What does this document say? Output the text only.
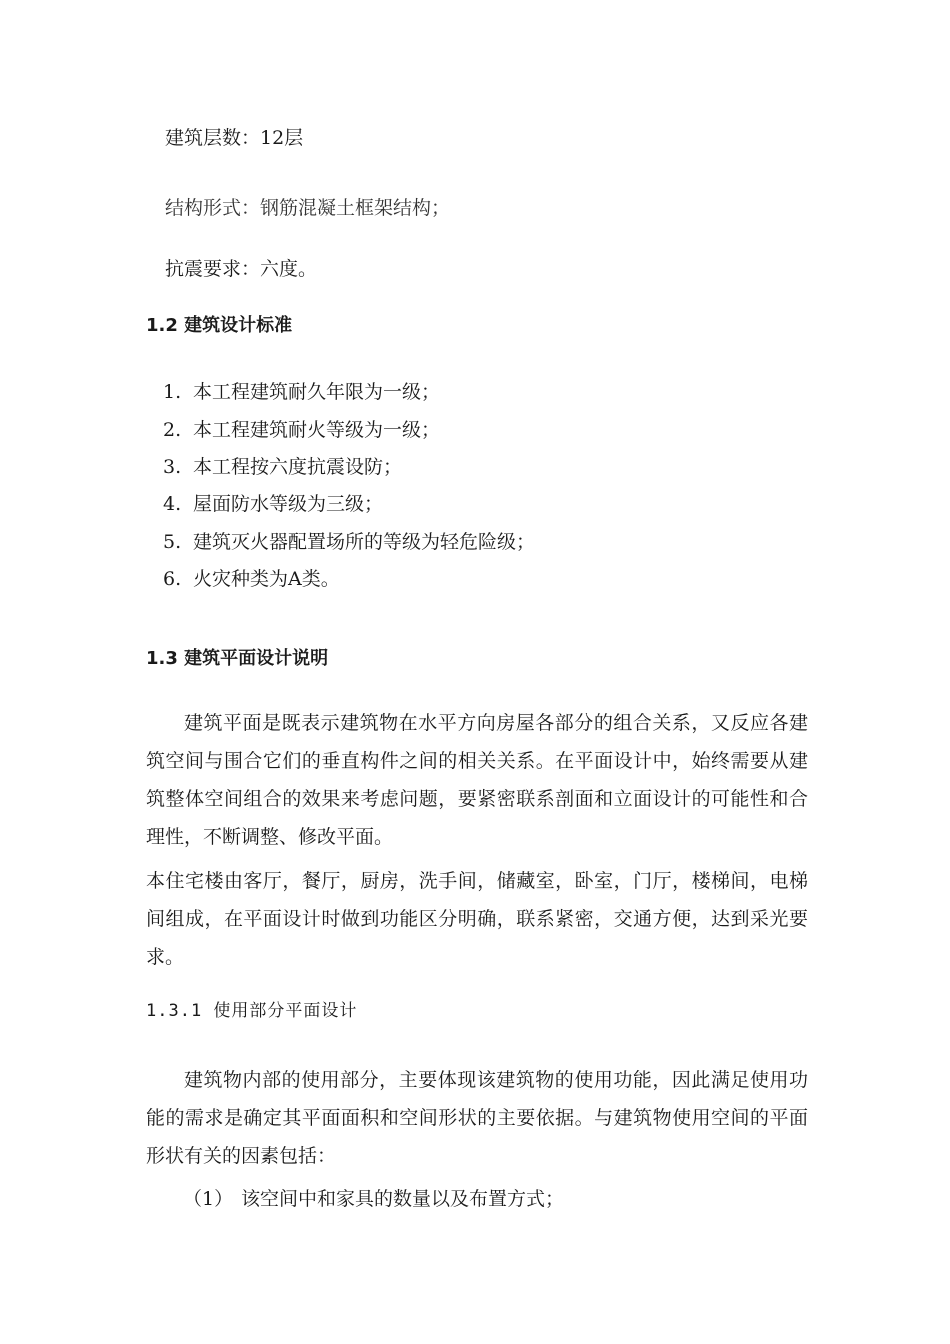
建筑层数：12层
结构形式：钢筋混凝土框架结构；
抗震要求：六度。
1.2 建筑设计标准
1. 本工程建筑耐久年限为一级；
2. 本工程建筑耐火等级为一级；
3. 本工程按六度抗震设防；
4. 屋面防水等级为三级；
5. 建筑灭火器配置场所的等级为轻危险级；
6. 火灾种类为A类。
1.3 建筑平面设计说明

建筑平面是既表示建筑物在水平方向房屋各部分的组合关系，又反应各建筑空间与围合它们的垂直构件之间的相关关系。在平面设计中，始终需要从建筑整体空间组合的效果来考虑问题，要紧密联系剖面和立面设计的可能性和合理性，不断调整、修改平面。

本住宅楼由客厅，餐厅，厨房，洗手间，储藏室，卧室，门厅，楼梯间，电梯间组成，在平面设计时做到功能区分明确，联系紧密，交通方便，达到采光要求。

1.3.1 使用部分平面设计

建筑物内部的使用部分，主要体现该建筑物的使用功能，因此满足使用功能的需求是确定其平面面积和空间形状的主要依据。与建筑物使用空间的平面形状有关的因素包括：

（1） 该空间中和家具的数量以及布置方式；
